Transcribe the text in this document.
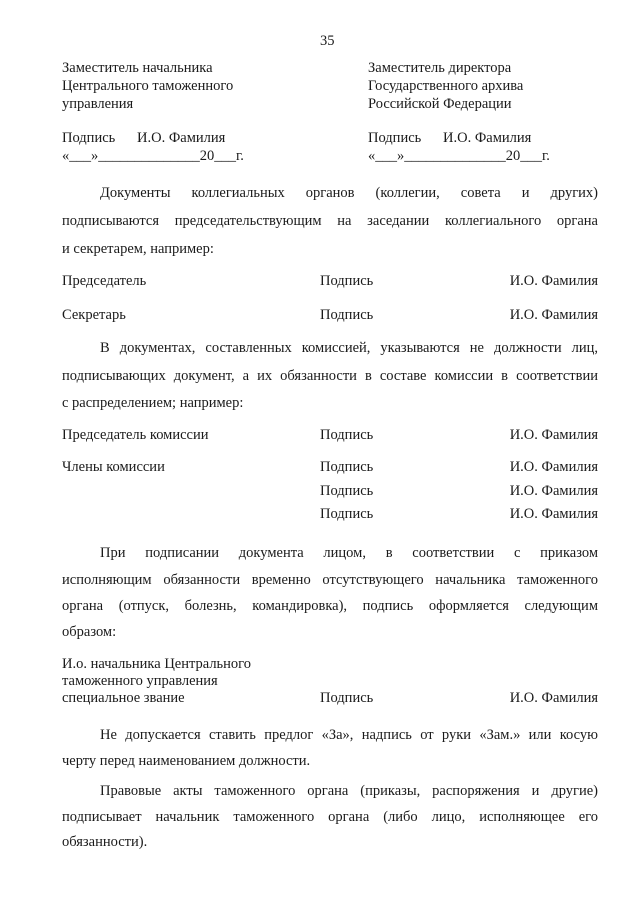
35
Заместитель начальника
Центрального таможенного
управления
Подпись      И.О. Фамилия
«___»______________20___г.
Заместитель директора
Государственного архива
Российской Федерации
Подпись      И.О. Фамилия
«___»______________20___г.
Документы коллегиальных органов (коллегии, совета и других)
подписываются председательствующим на заседании коллегиального органа
и секретарем, например:
Председатель	Подпись	И.О. Фамилия
Секретарь	Подпись	И.О. Фамилия
В документах, составленных комиссией, указываются не должности лиц,
подписывающих документ, а их обязанности в составе комиссии в соответствии
с распределением; например:
Председатель комиссии	Подпись	И.О. Фамилия
Члены комиссии	Подпись	И.О. Фамилия
Подпись	И.О. Фамилия
Подпись	И.О. Фамилия
При подписании документа лицом, в соответствии с приказом
исполняющим обязанности временно отсутствующего начальника таможенного
органа (отпуск, болезнь, командировка), подпись оформляется следующим
образом:
И.о. начальника Центрального
таможенного управления
специальное звание	Подпись	И.О. Фамилия
Не допускается ставить предлог «За», надпись от руки «Зам.» или косую
черту перед наименованием должности.
Правовые акты таможенного органа (приказы, распоряжения и другие)
подписывает начальник таможенного органа (либо лицо, исполняющее его
обязанности).
